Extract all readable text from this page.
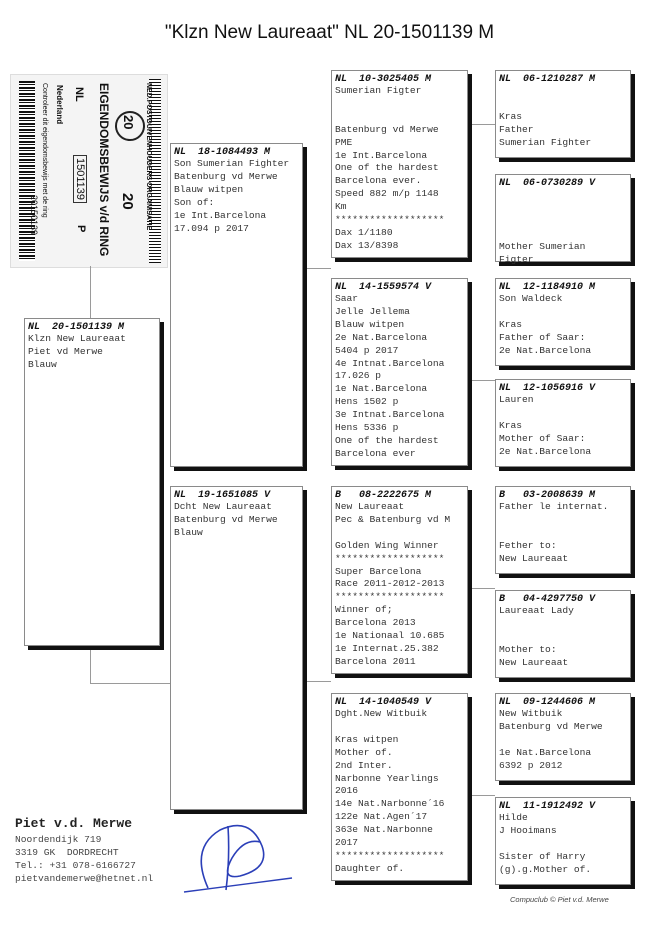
"Klzn New Laureaat" NL 20-1501139 M
Controleer dit eigendomsbewijs met de ring Nederland NL
1501139
20150139	EIGENDOMSBEWIJS v/d RING	NED.POSTDUIVENHOUDERS ORGANISATIE
20
20
P
NL  20-1501139 M
Klzn New Laureaat
Piet vd Merwe
Blauw
NL  18-1084493 M
Son Sumerian Fighter
Batenburg vd Merwe
Blauw witpen
Son of:
1e Int.Barcelona
17.094 p 2017
NL  19-1651085 V
Dcht New Laureaat
Batenburg vd Merwe
Blauw
NL  10-3025405 M
Sumerian Figter

Batenburg vd Merwe
PME
1e Int.Barcelona
One of the hardest
Barcelona ever.
Speed 882 m/p 1148
Km
*******************
Dax 1/1180
Dax 13/8398
NL  14-1559574 V
Saar
Jelle Jellema
Blauw witpen
2e Nat.Barcelona
5404 p 2017
4e Intnat.Barcelona
17.026 p
1e Nat.Barcelona
Hens 1502 p
3e Intnat.Barcelona
Hens 5336 p
One of the hardest
Barcelona ever
B   08-2222675 M
New Laureaat
Pec & Batenburg vd M

Golden Wing Winner
*******************
Super Barcelona
Race 2011-2012-2013
*******************
Winner of;
Barcelona 2013
1e Nationaal 10.685
1e Internat.25.382
Barcelona 2011
NL  14-1040549 V
Dght.New Witbuik

Kras witpen
Mother of.
2nd Inter.
Narbonne Yearlings
2016
14e Nat.Narbonne´16
122e Nat.Agen´17
363e Nat.Narbonne
2017
*******************
Daughter of.
NL  06-1210287 M

Kras
Father
Sumerian Fighter
NL  06-0730289 V

Mother Sumerian
Figter
NL  12-1184910 M
Son Waldeck

Kras
Father of Saar:
2e Nat.Barcelona
NL  12-1056916 V
Lauren

Kras
Mother of Saar:
2e Nat.Barcelona
B   03-2008639 M
Father le internat.

Fether to:
New Laureaat
B   04-4297750 V
Laureaat Lady

Mother to:
New Laureaat
NL  09-1244606 M
New Witbuik
Batenburg vd Merwe

1e Nat.Barcelona
6392 p 2012
NL  11-1912492 V
Hilde
J Hooimans

Sister of Harry
(g).g.Mother of.
Piet v.d. Merwe
Noordendijk 719
3319 GK  DORDRECHT
Tel.: +31 078-6166727
pietvandemerwe@hetnet.nl
Compuclub © Piet v.d. Merwe
